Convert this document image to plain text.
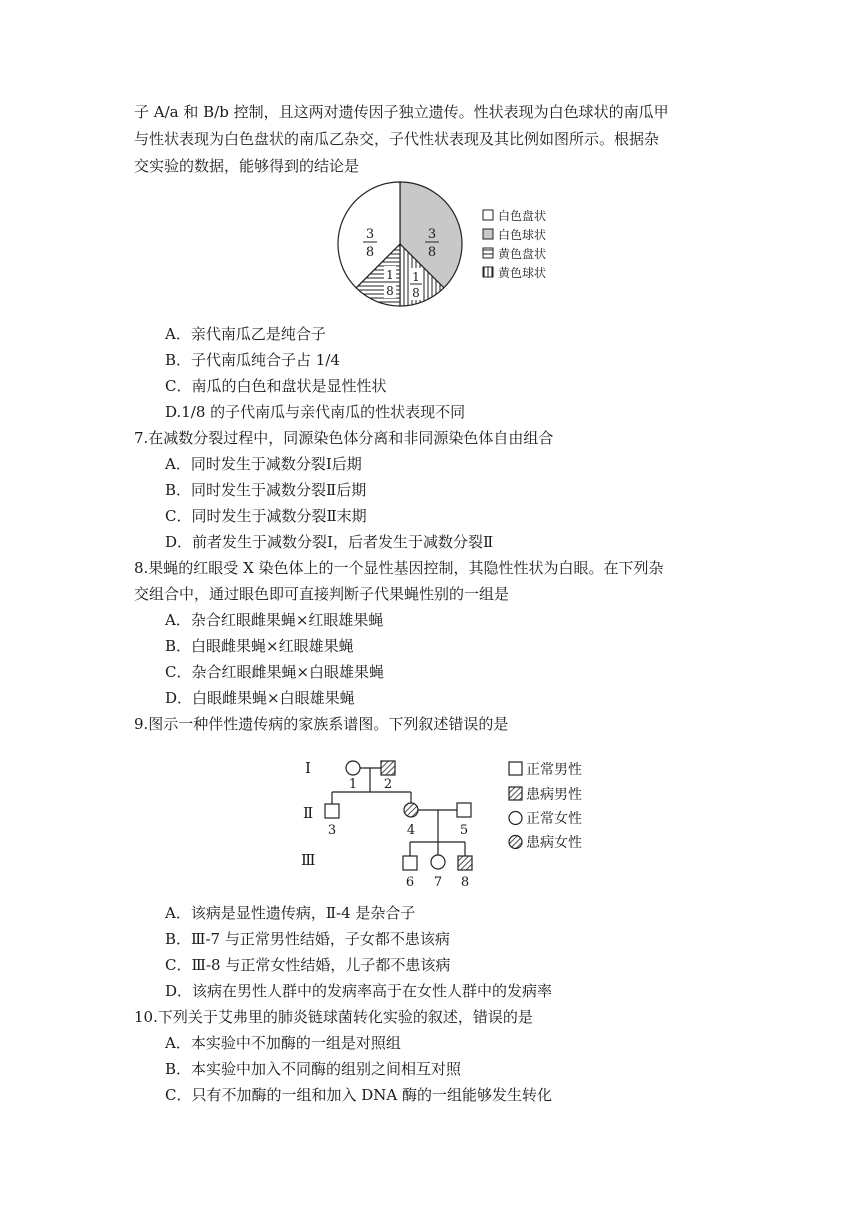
子 A/a 和 B/b 控制，且这两对遗传因子独立遗传。性状表现为白色球状的南瓜甲
与性状表现为白色盘状的南瓜乙杂交，子代性状表现及其比例如图所示。根据杂
交实验的数据，能够得到的结论是
3
8
3
8
1
8
1
8
白色盘状
白色球状
黄色盘状
黄色球状
A．亲代南瓜乙是纯合子
B．子代南瓜纯合子占 1/4
C．南瓜的白色和盘状是显性性状
D.1/8 的子代南瓜与亲代南瓜的性状表现不同
7.在减数分裂过程中，同源染色体分离和非同源染色体自由组合
A．同时发生于减数分裂Ⅰ后期
B．同时发生于减数分裂Ⅱ后期
C．同时发生于减数分裂Ⅱ末期
D．前者发生于减数分裂Ⅰ，后者发生于减数分裂Ⅱ
8.果蝇的红眼受 X 染色体上的一个显性基因控制，其隐性性状为白眼。在下列杂
交组合中，通过眼色即可直接判断子代果蝇性别的一组是
A．杂合红眼雌果蝇×红眼雄果蝇
B．白眼雌果蝇×红眼雄果蝇
C．杂合红眼雌果蝇×白眼雄果蝇
D．白眼雌果蝇×白眼雄果蝇
9.图示一种伴性遗传病的家族系谱图。下列叙述错误的是
Ⅰ
Ⅱ
Ⅲ
1 2
3	4	5
6 7 8
正常男性
患病男性
正常女性
患病女性
A．该病是显性遗传病，Ⅱ-4 是杂合子
B．Ⅲ-7 与正常男性结婚，子女都不患该病
C．Ⅲ-8 与正常女性结婚，儿子都不患该病
D．该病在男性人群中的发病率高于在女性人群中的发病率
10.下列关于艾弗里的肺炎链球菌转化实验的叙述，错误的是
A．本实验中不加酶的一组是对照组
B．本实验中加入不同酶的组别之间相互对照
C．只有不加酶的一组和加入 DNA 酶的一组能够发生转化
